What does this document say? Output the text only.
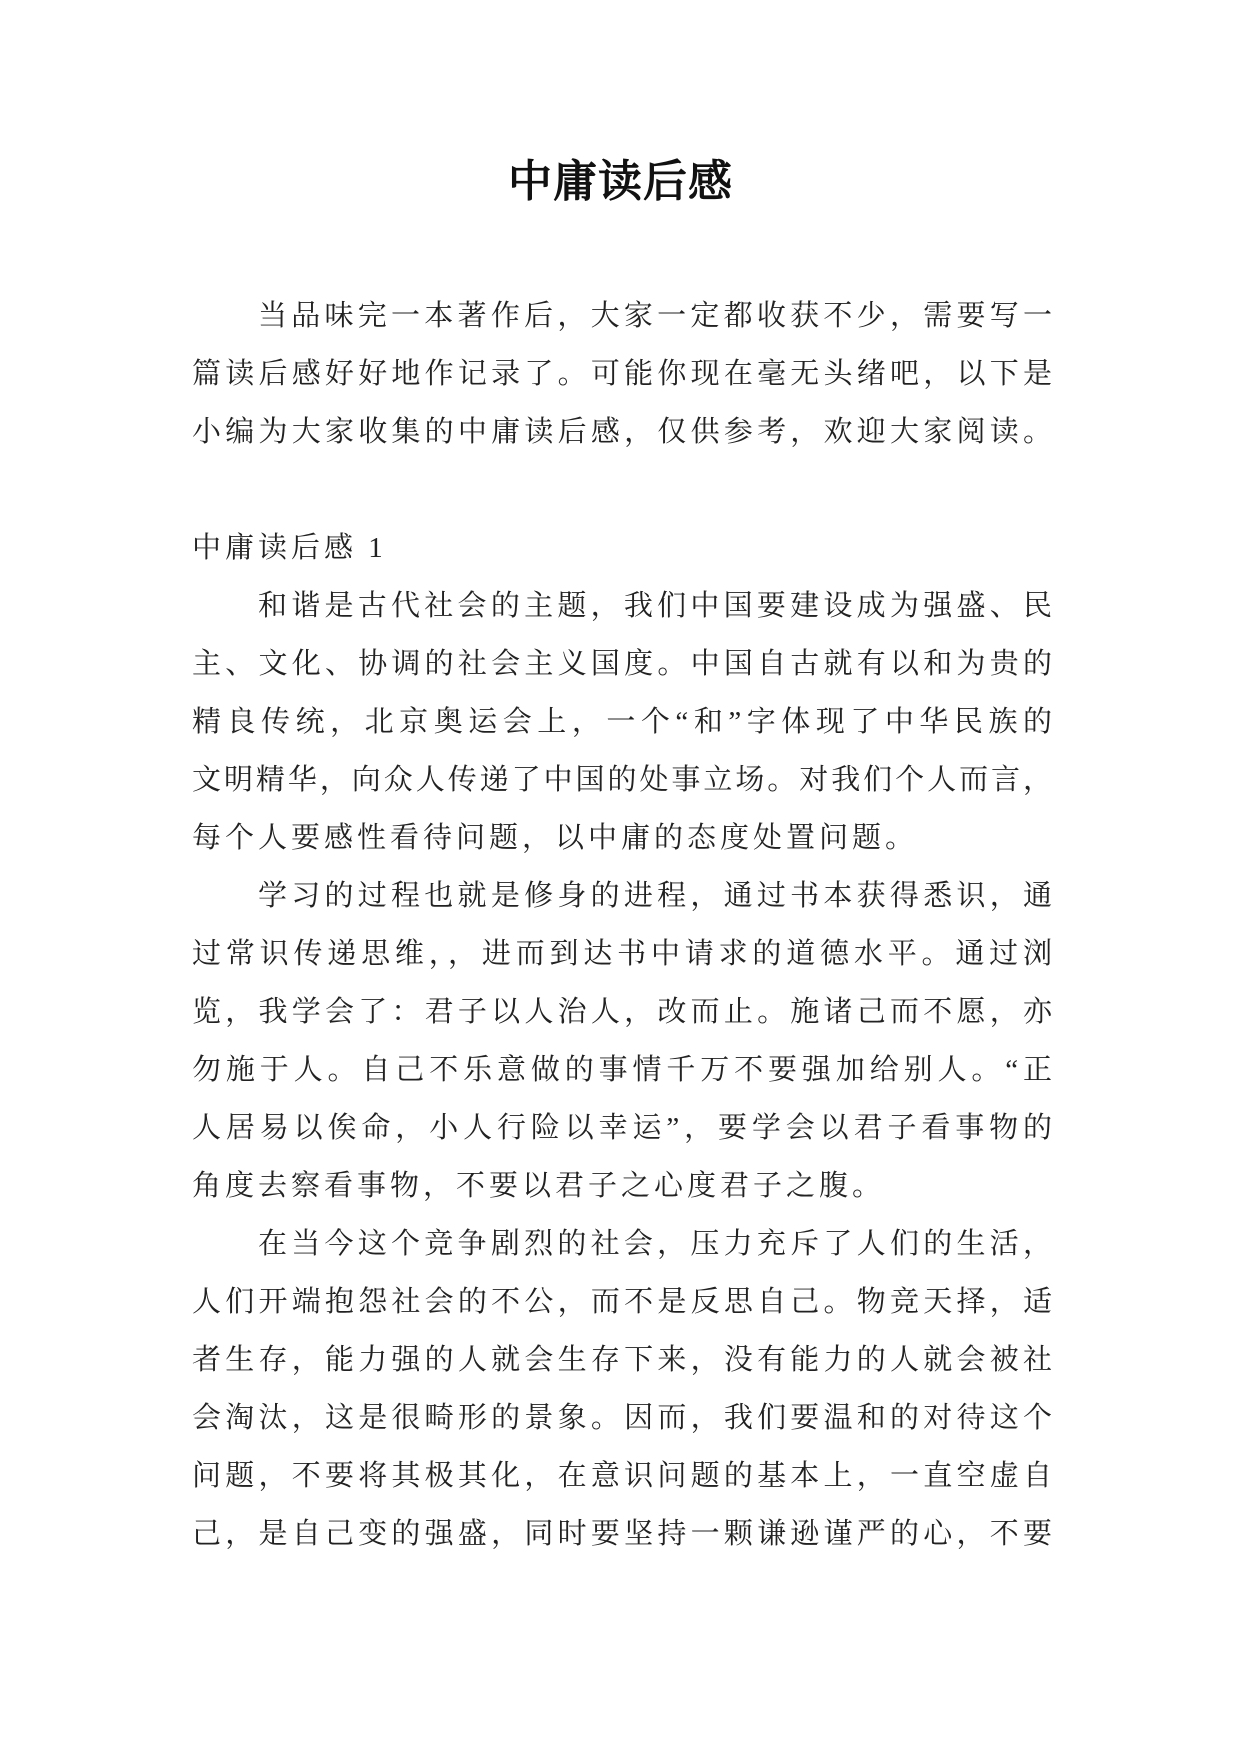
中庸读后感
当品味完一本著作后，大家一定都收获不少，需要写一
篇读后感好好地作记录了。可能你现在毫无头绪吧，以下是
小编为大家收集的中庸读后感，仅供参考，欢迎大家阅读。
中庸读后感 1
和谐是古代社会的主题，我们中国要建设成为强盛、民
主、文化、协调的社会主义国度。中国自古就有以和为贵的
精良传统，北京奥运会上，一个“和”字体现了中华民族的
文明精华，向众人传递了中国的处事立场。对我们个人而言，
每个人要感性看待问题，以中庸的态度处置问题。
学习的过程也就是修身的进程，通过书本获得悉识，通
过常识传递思维，，进而到达书中请求的道德水平。通过浏
览，我学会了：君子以人治人，改而止。施诸己而不愿，亦
勿施于人。自己不乐意做的事情千万不要强加给别人。“正
人居易以俟命，小人行险以幸运”，要学会以君子看事物的
角度去察看事物，不要以君子之心度君子之腹。
在当今这个竞争剧烈的社会，压力充斥了人们的生活，
人们开端抱怨社会的不公，而不是反思自己。物竞天择，适
者生存，能力强的人就会生存下来，没有能力的人就会被社
会淘汰，这是很畸形的景象。因而，我们要温和的对待这个
问题，不要将其极其化，在意识问题的基本上，一直空虚自
己，是自己变的强盛，同时要坚持一颗谦逊谨严的心，不要
